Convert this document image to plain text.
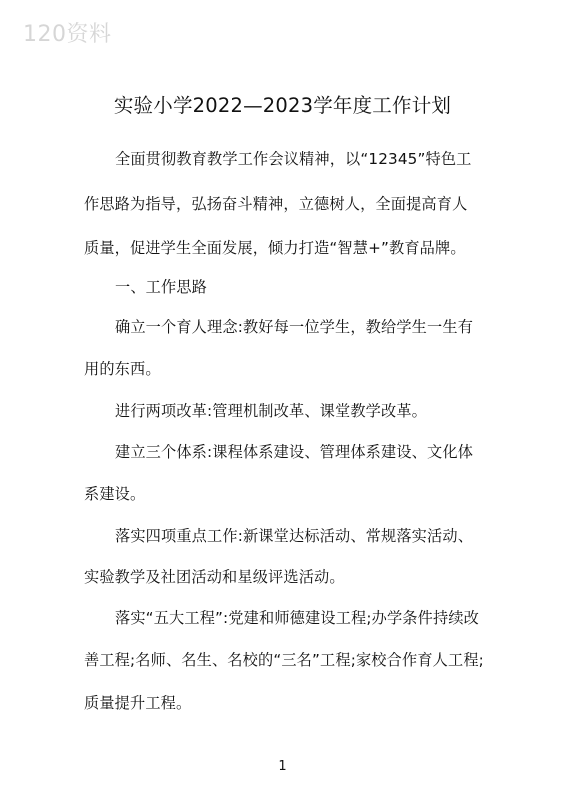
120资料
实验小学2022—2023学年度工作计划
全面贯彻教育教学工作会议精神，以“12345”特色工
作思路为指导，弘扬奋斗精神，立德树人，全面提高育人
质量，促进学生全面发展，倾力打造“智慧+”教育品牌。
一、工作思路
确立一个育人理念:教好每一位学生，教给学生一生有
用的东西。
进行两项改革:管理机制改革、课堂教学改革。
建立三个体系:课程体系建设、管理体系建设、文化体
系建设。
落实四项重点工作:新课堂达标活动、常规落实活动、
实验教学及社团活动和星级评选活动。
落实“五大工程”:党建和师德建设工程;办学条件持续改
善工程;名师、名生、名校的“三名”工程;家校合作育人工程;
质量提升工程。
1
